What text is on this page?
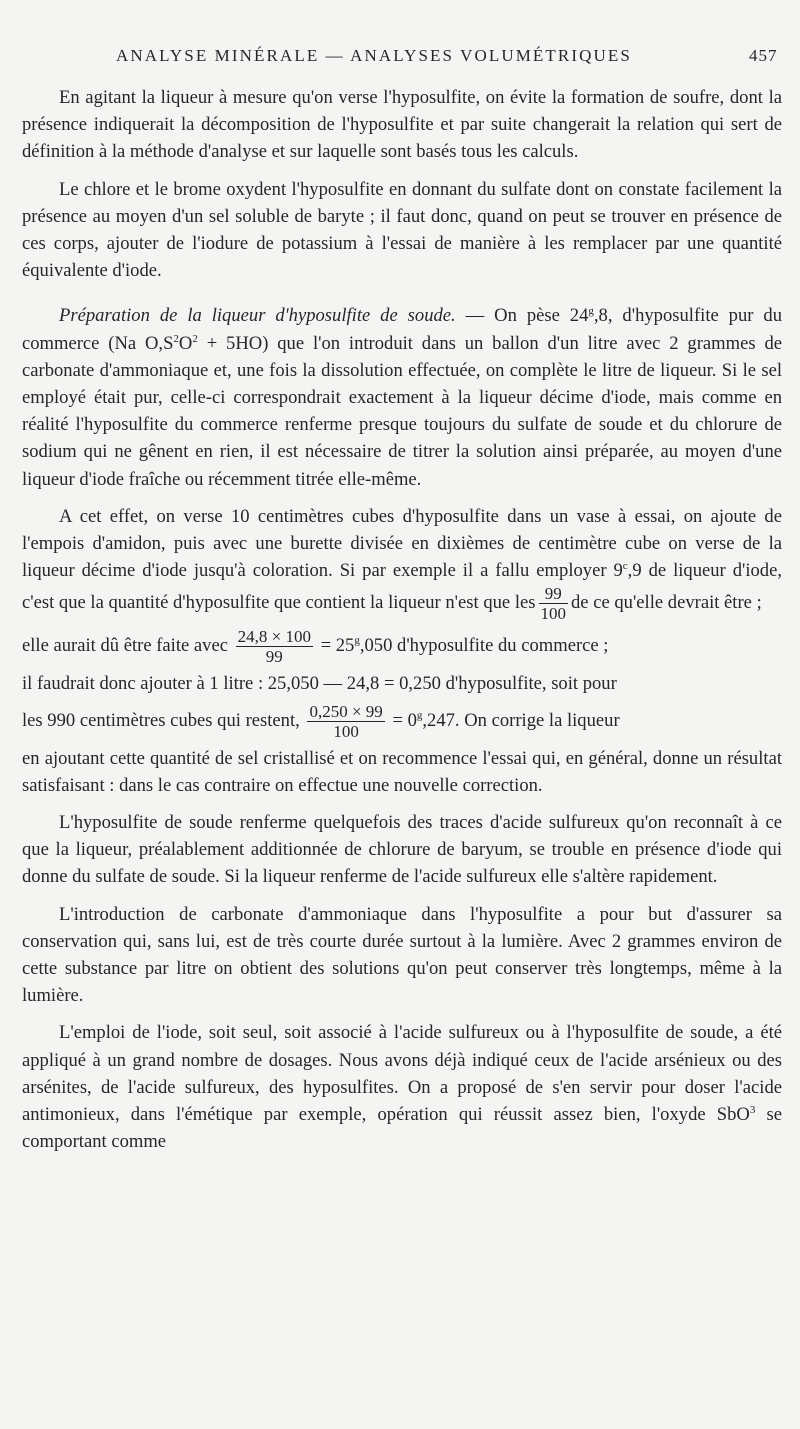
ANALYSE MINÉRALE — ANALYSES VOLUMÉTRIQUES	457

En agitant la liqueur à mesure qu'on verse l'hyposulfite, on évite la formation de soufre, dont la présence indiquerait la décomposition de l'hyposulfite et par suite changerait la relation qui sert de définition à la méthode d'analyse et sur laquelle sont basés tous les calculs.

Le chlore et le brome oxydent l'hyposulfite en donnant du sulfate dont on constate facilement la présence au moyen d'un sel soluble de baryte ; il faut donc, quand on peut se trouver en présence de ces corps, ajouter de l'iodure de potassium à l'essai de manière à les remplacer par une quantité équivalente d'iode.

Préparation de la liqueur d'hyposulfite de soude. — On pèse 24$^g$,8, d'hyposulfite pur du commerce (Na $O,S^2O^2 + 5HO$) que l'on introduit dans un ballon d'un litre avec 2 grammes de carbonate d'ammoniaque et, une fois la dissolution effectuée, on complète le litre de liqueur. Si le sel employé était pur, celle-ci correspondrait exactement à la liqueur décime d'iode, mais comme en réalité l'hyposulfite du commerce renferme presque toujours du sulfate de soude et du chlorure de sodium qui ne gênent en rien, il est nécessaire de titrer la solution ainsi préparée, au moyen d'une liqueur d'iode fraîche ou récemment titrée elle-même.

A cet effet, on verse 10 centimètres cubes d'hyposulfite dans un vase à essai, on ajoute de l'empois d'amidon, puis avec une burette divisée en dixièmes de centimètre cube on verse de la liqueur décime d'iode jusqu'à coloration. Si par exemple il a fallu employer 9$^c$,9 de liqueur d'iode, c'est que la quantité d'hyposulfite que contient la liqueur n'est que les $\frac{99}{100}$ de ce qu'elle devrait être ;
elle aurait dû être faite avec $\frac{24,8 \times 100}{99} = 25^g,050$ d'hyposulfite du commerce ;
il faudrait donc ajouter à 1 litre : 25,050 — 24,8 = 0,250 d'hyposulfite, soit pour
les 990 centimètres cubes qui restent, $\frac{0,250 \times 99}{100} = 0^g,247$. On corrige la liqueur
en ajoutant cette quantité de sel cristallisé et on recommence l'essai qui, en général, donne un résultat satisfaisant : dans le cas contraire on effectue une nouvelle correction.

L'hyposulfite de soude renferme quelquefois des traces d'acide sulfureux qu'on reconnaît à ce que la liqueur, préalablement additionnée de chlorure de baryum, se trouble en présence d'iode qui donne du sulfate de soude. Si la liqueur renferme de l'acide sulfureux elle s'altère rapidement.

L'introduction de carbonate d'ammoniaque dans l'hyposulfite a pour but d'assurer sa conservation qui, sans lui, est de très courte durée surtout à la lumière. Avec 2 grammes environ de cette substance par litre on obtient des solutions qu'on peut conserver très longtemps, même à la lumière.

L'emploi de l'iode, soit seul, soit associé à l'acide sulfureux ou à l'hyposulfite de soude, a été appliqué à un grand nombre de dosages. Nous avons déjà indiqué ceux de l'acide arsénieux ou des arsénites, de l'acide sulfureux, des hyposulfites. On a proposé de s'en servir pour doser l'acide antimonieux, dans l'émétique par exemple, opération qui réussit assez bien, l'oxyde SbO$^3$ se comportant comme
